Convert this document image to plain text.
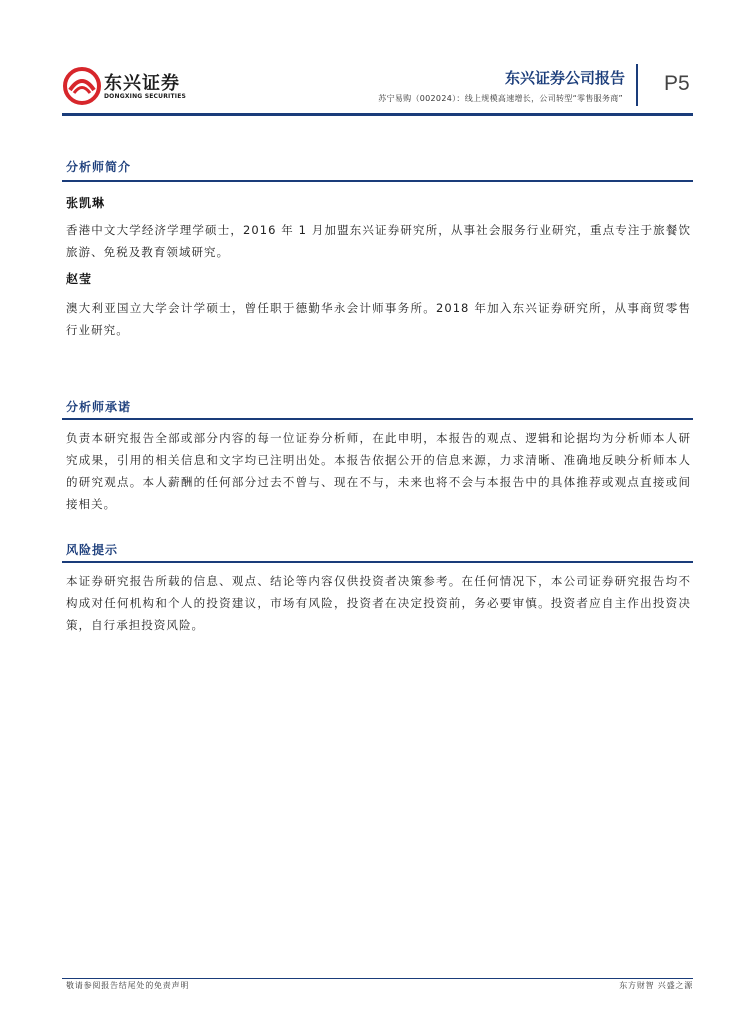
东兴证券
DONGXING SECURITIES
东兴证券公司报告
苏宁易购（002024）：线上规模高速增长，公司转型“零售服务商”
P5
分析师简介
张凯琳
香港中文大学经济学理学硕士，2016 年 1 月加盟东兴证券研究所，从事社会服务行业研究，重点专注于旅餐饮旅游、免税及教育领域研究。
赵莹
澳大利亚国立大学会计学硕士，曾任职于德勤华永会计师事务所。2018 年加入东兴证券研究所，从事商贸零售行业研究。
分析师承诺
负责本研究报告全部或部分内容的每一位证券分析师，在此申明，本报告的观点、逻辑和论据均为分析师本人研究成果，引用的相关信息和文字均已注明出处。本报告依据公开的信息来源，力求清晰、准确地反映分析师本人的研究观点。本人薪酬的任何部分过去不曾与、现在不与，未来也将不会与本报告中的具体推荐或观点直接或间接相关。
风险提示
本证券研究报告所载的信息、观点、结论等内容仅供投资者决策参考。在任何情况下，本公司证券研究报告均不构成对任何机构和个人的投资建议，市场有风险，投资者在决定投资前，务必要审慎。投资者应自主作出投资决策，自行承担投资风险。
敬请参阅报告结尾处的免责声明	东方财智 兴盛之源
